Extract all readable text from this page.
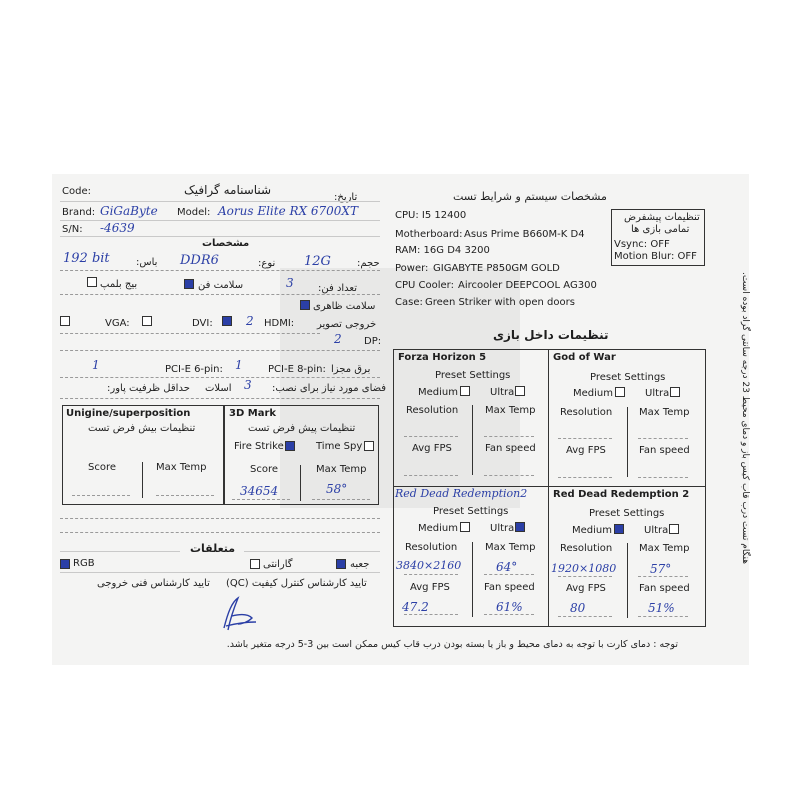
Code:	شناسنامه گرافیک
تاریخ:
Brand: GiGaByte Model: Aorus Elite RX 6700XT
S/N: -4639
مشخصات
192 bit	باس: DDR6	نوع: 12G	حجم:
بیج بلمپ	سلامت فن	3 تعداد فن:
سلامت ظاهری
خروجی تصویر
VGA:	DVI:	2 HDMI:
2 DP:
1	PCI-E 6-pin: 1	PCI-E 8-pin: برق مجزا
حداقل ظرفیت پاور: اسلات 3 فضای مورد نیاز برای نصب:
Unigine/superposition
تنظیمات بیش فرض تست
Score	Max Temp
3D Mark
تنظیمات پیش فرض تست
Fire Strike	Time Spy
Score	Max Temp
34654	58°
متعلقات
RGB	گارانتی	جعبه
تایید کارشناس فنی خروجی تایید کارشناس کنترل کیفیت (QC)
مشخصات سیستم و شرایط تست
CPU: I5 12400
Motherboard: Asus Prime B660M-K D4
RAM: 16G D4 3200
Power: GIGABYTE P850GM GOLD
CPU Cooler: Aircooler DEEPCOOL AG300
Case: Green Striker with open doors
تنظیمات پیشفرض
تمامی بازی ها
Vsync: OFF
Motion Blur: OFF
تنظیمات داخل بازی
Forza Horizon 5
Preset Settings
Medium	Ultra
Resolution	Max Temp
Avg FPS	Fan speed
God of War
Preset Settings
Medium	Ultra
Resolution	Max Temp
Avg FPS	Fan speed
Red Dead Redemption2
Preset Settings
Medium	Ultra
Resolution	Max Temp
3840×2160	64°
Avg FPS	Fan speed
47.2	61%
Red Dead Redemption 2
Preset Settings
Medium	Ultra
Resolution	Max Temp
1920×1080	57°
Avg FPS	Fan speed
80	51%
هنگام تست درب قاب کیس باز و دمای محیط 23 درجه سانتی گراد بوده است.
توجه : دمای کارت با توجه به دمای محیط و باز یا بسته بودن درب قاب کیس ممکن است بین 3-5 درجه متغیر باشد.
